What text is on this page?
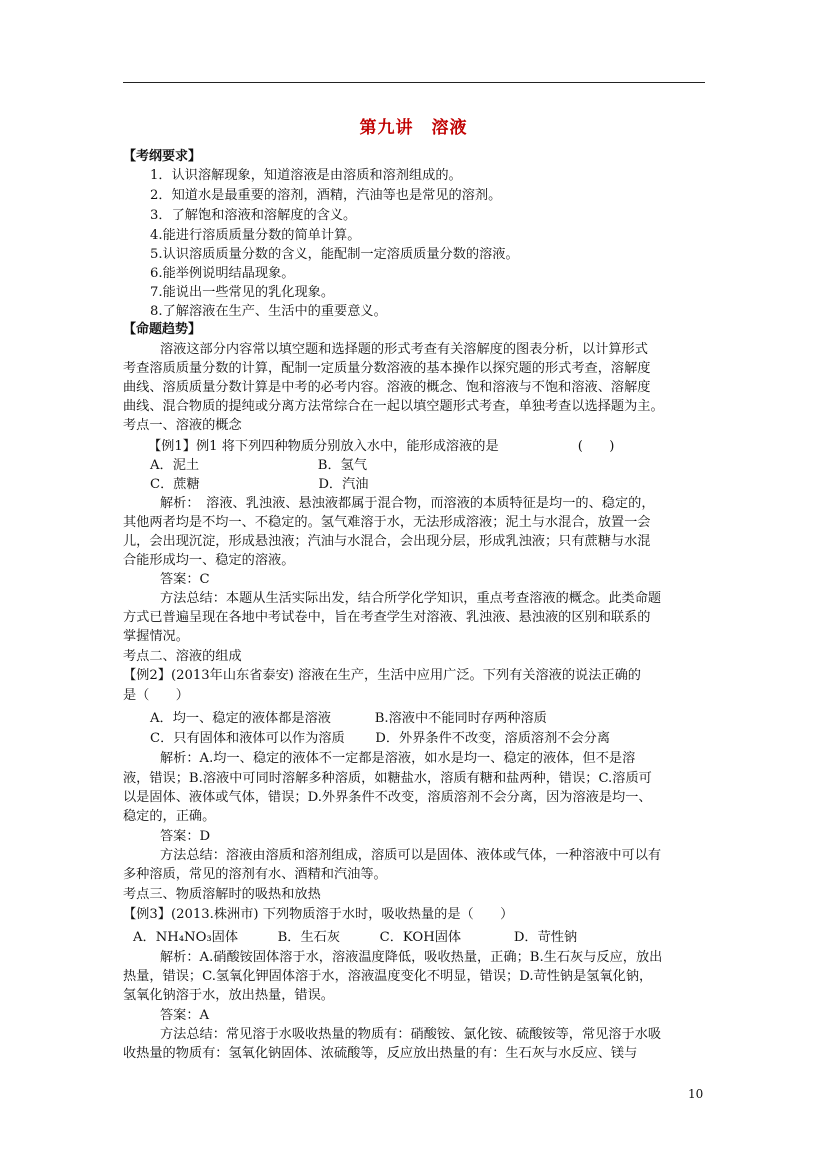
第九讲 溶液
【考纲要求】
1．认识溶解现象，知道溶液是由溶质和溶剂组成的。
2．知道水是最重要的溶剂，酒精，汽油等也是常见的溶剂。
3．了解饱和溶液和溶解度的含义。
4.能进行溶质质量分数的简单计算。
5.认识溶质质量分数的含义，能配制一定溶质质量分数的溶液。
6.能举例说明结晶现象。
7.能说出一些常见的乳化现象。
8.了解溶液在生产、生活中的重要意义。
【命题趋势】
溶液这部分内容常以填空题和选择题的形式考查有关溶解度的图表分析，以计算形式
考查溶质质量分数的计算，配制一定质量分数溶液的基本操作以探究题的形式考查，溶解度
曲线、溶质质量分数计算是中考的必考内容。溶液的概念、饱和溶液与不饱和溶液、溶解度
曲线、混合物质的提纯或分离方法常综合在一起以填空题形式考查，单独考查以选择题为主。
考点一、溶液的概念
【例1】例1 将下列四种物质分别放入水中，能形成溶液的是　　　　　　(　　)
A．泥土　　　　　　　　　B．氢气
C．蔗糖　　　　　　　　　D．汽油
解析：　溶液、乳浊液、悬浊液都属于混合物，而溶液的本质特征是均一的、稳定的，
其他两者均是不均一、不稳定的。氢气难溶于水，无法形成溶液；泥土与水混合，放置一会
儿，会出现沉淀，形成悬浊液；汽油与水混合，会出现分层，形成乳浊液；只有蔗糖与水混
合能形成均一、稳定的溶液。
答案：C
方法总结：本题从生活实际出发，结合所学化学知识，重点考查溶液的概念。此类命题
方式已普遍呈现在各地中考试卷中，旨在考查学生对溶液、乳浊液、悬浊液的区别和联系的
掌握情况。
考点二、溶液的组成
【例2】(2013年山东省泰安) 溶液在生产，生活中应用广泛。下列有关溶液的说法正确的
是（　　）
A．均一、稳定的液体都是溶液　　　 B.溶液中不能同时存两种溶质
C．只有固体和液体可以作为溶质　　 D．外界条件不改变，溶质溶剂不会分离
解析：A.均一、稳定的液体不一定都是溶液，如水是均一、稳定的液体，但不是溶
液，错误；B.溶液中可同时溶解多种溶质，如糖盐水，溶质有糖和盐两种，错误；C.溶质可
以是固体、液体或气体，错误；D.外界条件不改变，溶质溶剂不会分离，因为溶液是均一、
稳定的，正确。
答案：D
方法总结：溶液由溶质和溶剂组成，溶质可以是固体、液体或气体，一种溶液中可以有
多种溶质，常见的溶剂有水、酒精和汽油等。
考点三、物质溶解时的吸热和放热
【例3】(2013.株洲市) 下列物质溶于水时，吸收热量的是（　　）
A．NH₄NO₃固体　　　B．生石灰　　　C．KOH固体　　　　D．苛性钠
解析：A.硝酸铵固体溶于水，溶液温度降低，吸收热量，正确；B.生石灰与反应，放出
热量，错误；C.氢氧化钾固体溶于水，溶液温度变化不明显，错误；D.苛性钠是氢氧化钠，
氢氧化钠溶于水，放出热量，错误。
答案：A
方法总结：常见溶于水吸收热量的物质有：硝酸铵、氯化铵、硫酸铵等，常见溶于水吸
收热量的物质有：氢氧化钠固体、浓硫酸等，反应放出热量的有：生石灰与水反应、镁与
10
